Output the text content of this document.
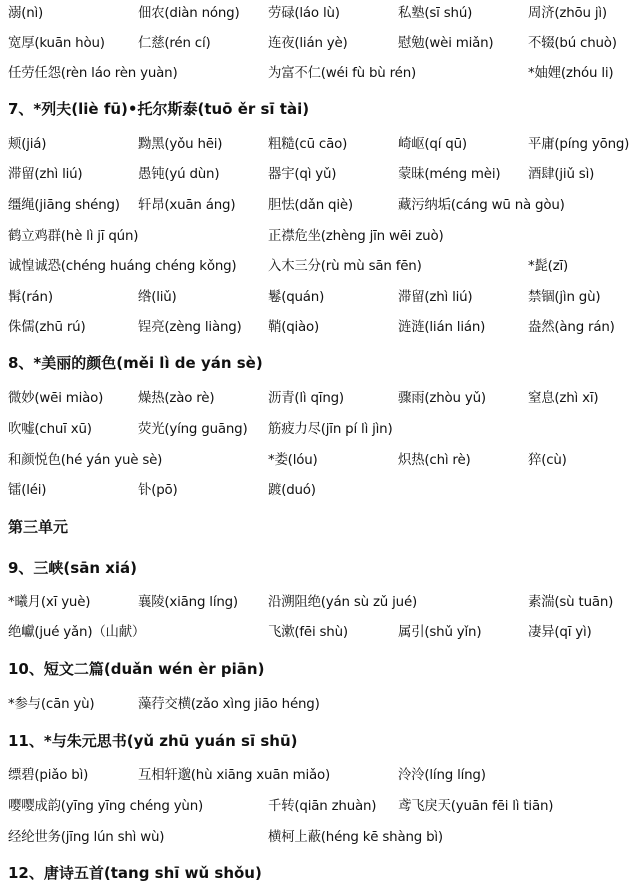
溺(nì)	佃农(diàn nóng) 劳碌(láo lù)	私塾(sī shú)	周济(zhōu jì)
宽厚(kuān hòu) 仁慈(rén cí)	连夜(lián yè)	慰勉(wèi miǎn)	不辍(bú chuò)
任劳任怨(rèn láo rèn yuàn)	为富不仁(wéi fù bù rén)	*妯娌(zhóu li)
7、*列夫(liè fū)•托尔斯泰(tuō ěr sī tài)
颊(jiá)	黝黑(yǒu hēi)	粗糙(cū cāo)	崎岖(qí qū)	平庸(píng yōng)
滞留(zhì liú)	愚钝(yú dùn)	器宇(qì yǔ)	蒙昧(méng mèi) 酒肆(jiǔ sì)
缰绳(jiāng shéng) 轩昂(xuān áng) 胆怯(dǎn qiè)	藏污纳垢(cáng wū nà gòu)
鹤立鸡群(hè lì jī qún)	正襟危坐(zhèng jīn wēi zuò)
诚惶诚恐(chéng huáng chéng kǒng) 入木三分(rù mù sān fēn)	*髭(zī)
髯(rán)	绺(liǔ)	鬈(quán)	滞留(zhì liú)	禁锢(jìn gù)
侏儒(zhū rú)	锃亮(zèng liàng) 鞘(qiào)	涟涟(lián lián)	盎然(àng rán)
8、*美丽的颜色(měi lì de yán sè)
微妙(wēi miào)	燥热(zào rè)	沥青(lì qīng)	骤雨(zhòu yǔ)	窒息(zhì xī)
吹嘘(chuī xū)	荧光(yíng guāng) 筋疲力尽(jīn pí lì jìn)
和颜悦色(hé yán yuè sè)	*娄(lóu)	炽热(chì rè)	猝(cù)
镭(léi)	钋(pō)	踱(duó)
第三单元
9、三峡(sān xiá)
*曦月(xī yuè)	襄陵(xiāng líng) 沿溯阻绝(yán sù zǔ jué)	素湍(sù tuān)
绝巘(jué yǎn)（山献）	飞漱(fēi shù)	属引(shǔ yǐn)	凄异(qī yì)
10、短文二篇(duǎn wén èr piān)
*参与(cān yù)	藻荇交横(zǎo xìng jiāo héng)
11、*与朱元思书(yǔ zhū yuán sī shū)
缥碧(piǎo bì)	互相轩邈(hù xiāng xuān miǎo)	泠泠(líng líng)
嘤嘤成韵(yīng yīng chéng yùn)	千转(qiān zhuàn) 鸢飞戾天(yuān fēi lì tiān)
经纶世务(jīng lún shì wù)	横柯上蔽(héng kē shàng bì)
12、唐诗五首(tang shī wǔ shǒu)
